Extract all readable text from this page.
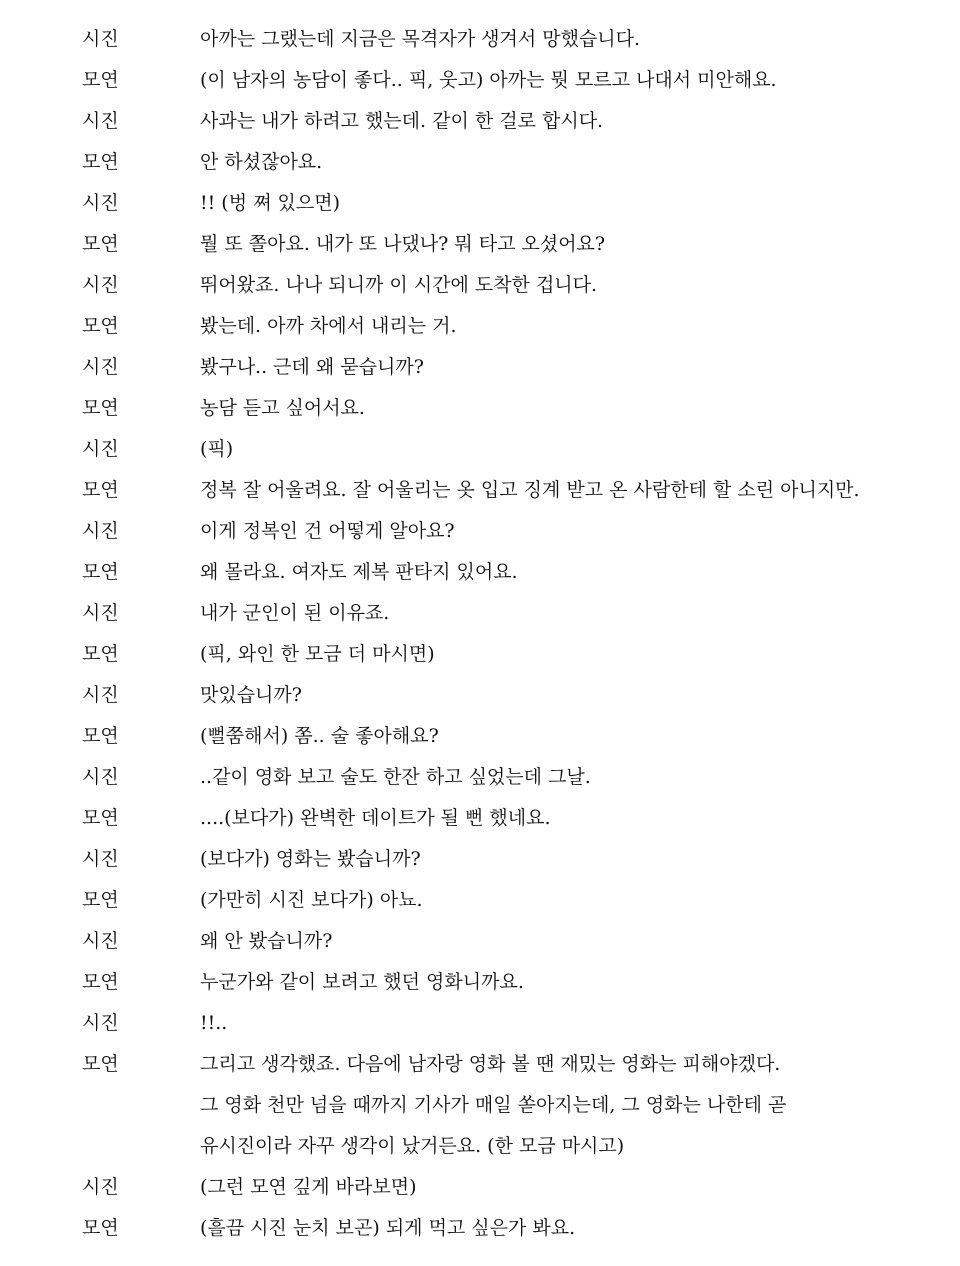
시진	아까는 그랬는데 지금은 목격자가 생겨서 망했습니다.
모연	(이 남자의 농담이 좋다.. 픽, 웃고) 아까는 뭣 모르고 나대서 미안해요.
시진	사과는 내가 하려고 했는데. 같이 한 걸로 합시다.
모연	안 하셨잖아요.
시진	!! (벙 쪄 있으면)
모연	뭘 또 쫄아요. 내가 또 나댔나? 뭐 타고 오셨어요?
시진	뛰어왔죠. 나나 되니까 이 시간에 도착한 겁니다.
모연	봤는데. 아까 차에서 내리는 거.
시진	봤구나.. 근데 왜 묻습니까?
모연	농담 듣고 싶어서요.
시진	(픽)
모연	정복 잘 어울려요. 잘 어울리는 옷 입고 징계 받고 온 사람한테 할 소린 아니지만.
시진	이게 정복인 건 어떻게 알아요?
모연	왜 몰라요. 여자도 제복 판타지 있어요.
시진	내가 군인이 된 이유죠.
모연	(픽, 와인 한 모금 더 마시면)
시진	맛있습니까?
모연	(뻘쭘해서) 쫌.. 술 좋아해요?
시진	..같이 영화 보고 술도 한잔 하고 싶었는데 그날.
모연	....(보다가) 완벽한 데이트가 될 뻔 했네요.
시진	(보다가) 영화는 봤습니까?
모연	(가만히 시진 보다가) 아뇨.
시진	왜 안 봤습니까?
모연	누군가와 같이 보려고 했던 영화니까요.
시진	!!..
모연	그리고 생각했죠. 다음에 남자랑 영화 볼 땐 재밌는 영화는 피해야겠다.
그 영화 천만 넘을 때까지 기사가 매일 쏟아지는데, 그 영화는 나한테 곧
유시진이라 자꾸 생각이 났거든요. (한 모금 마시고)
시진	(그런 모연 깊게 바라보면)
모연	(흘끔 시진 눈치 보곤) 되게 먹고 싶은가 봐요.
